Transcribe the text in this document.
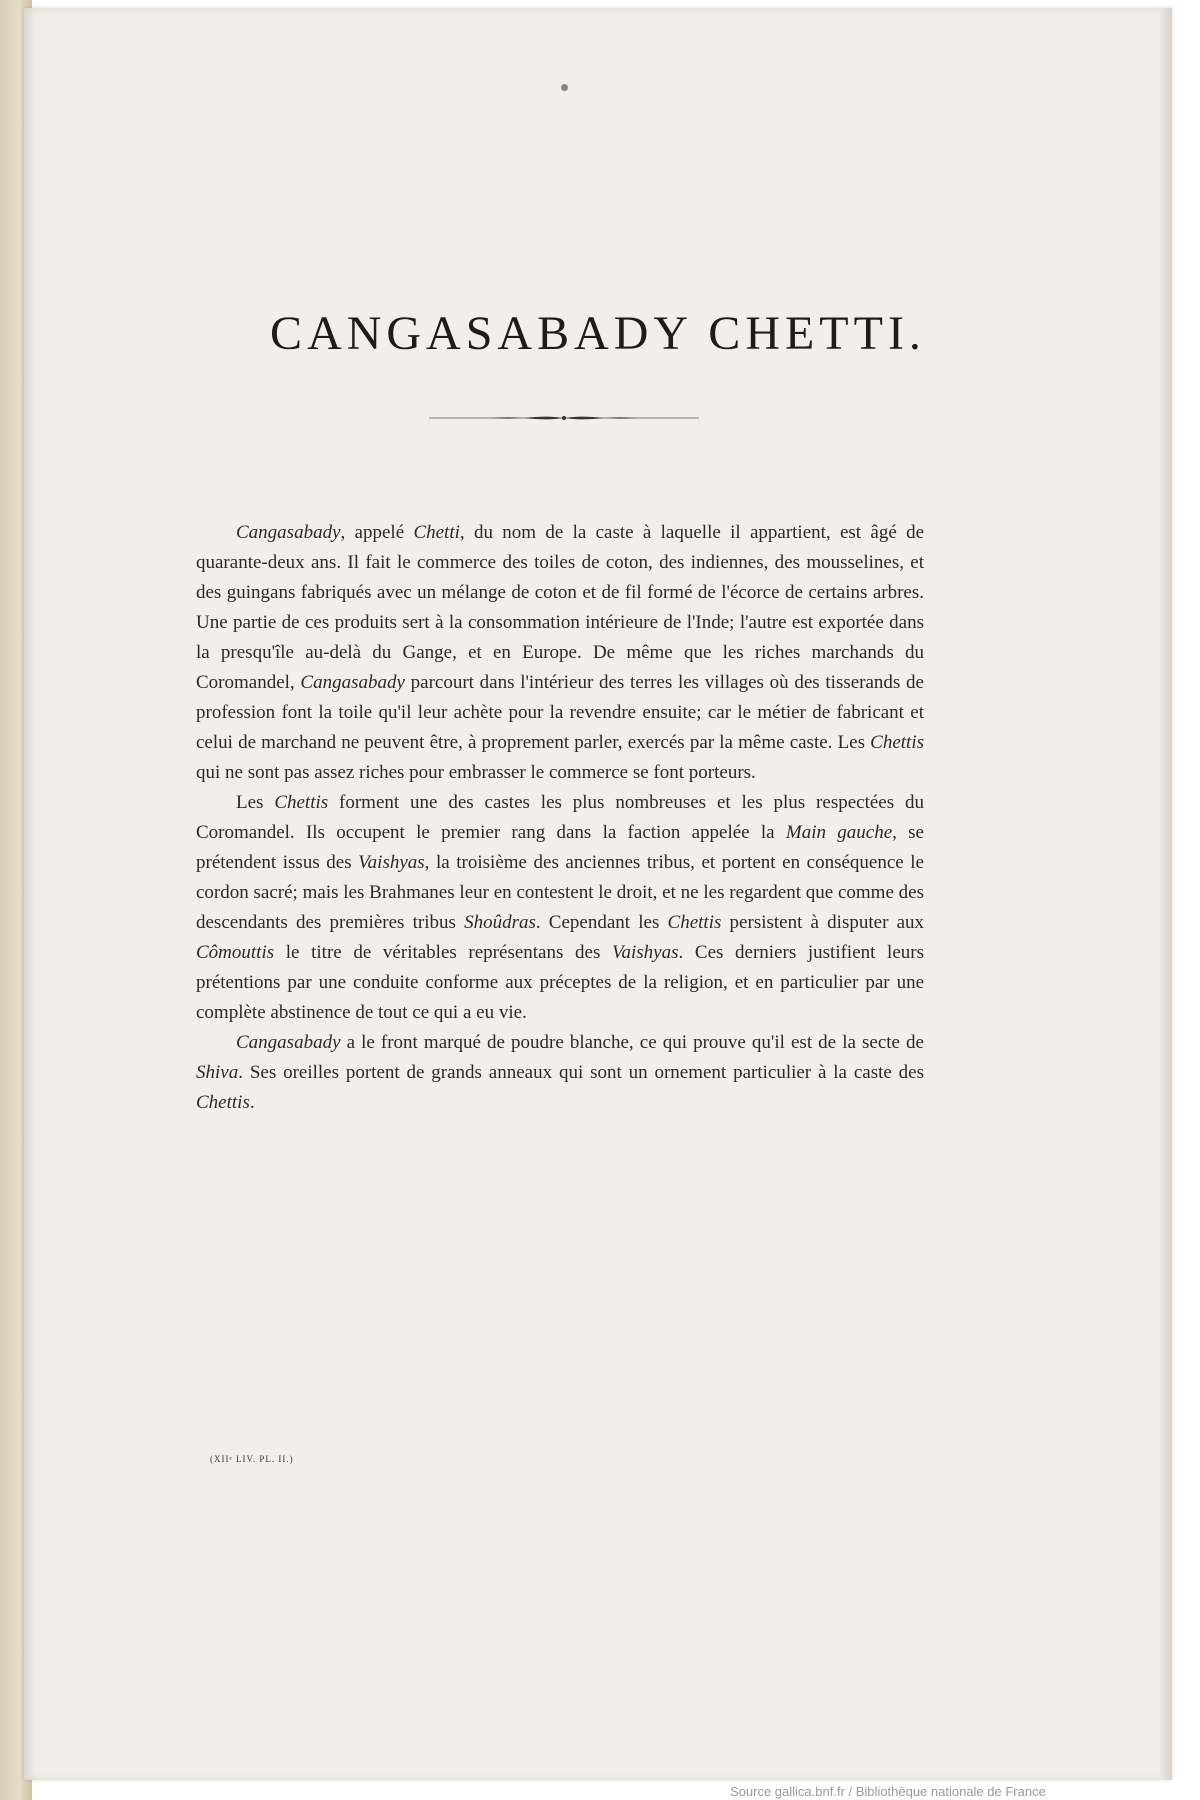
CANGASABADY CHETTI.

Cangasabady, appelé Chetti, du nom de la caste à laquelle il appartient, est âgé de quarante-deux ans. Il fait le commerce des toiles de coton, des indiennes, des mousselines, et des guingans fabriqués avec un mélange de coton et de fil formé de l'écorce de certains arbres. Une partie de ces produits sert à la consommation intérieure de l'Inde; l'autre est exportée dans la presqu'île au-delà du Gange, et en Europe. De même que les riches marchands du Coromandel, Cangasabady parcourt dans l'intérieur des terres les villages où des tisserands de profession font la toile qu'il leur achète pour la revendre ensuite; car le métier de fabricant et celui de marchand ne peuvent être, à proprement parler, exercés par la même caste. Les Chettis qui ne sont pas assez riches pour embrasser le commerce se font porteurs.

Les Chettis forment une des castes les plus nombreuses et les plus respectées du Coromandel. Ils occupent le premier rang dans la faction appelée la Main gauche, se prétendent issus des Vaishyas, la troisième des anciennes tribus, et portent en conséquence le cordon sacré; mais les Brahmanes leur en contestent le droit, et ne les regardent que comme des descendants des premières tribus Shoûdras. Cependant les Chettis persistent à disputer aux Cômouttis le titre de véritables représentans des Vaishyas. Ces derniers justifient leurs prétentions par une conduite conforme aux préceptes de la religion, et en particulier par une complète abstinence de tout ce qui a eu vie.

Cangasabady a le front marqué de poudre blanche, ce qui prouve qu'il est de la secte de Shiva. Ses oreilles portent de grands anneaux qui sont un ornement particulier à la caste des Chettis.

(XIIᵉ LIV. PL. II.)

Source gallica.bnf.fr / Bibliothèque nationale de France
